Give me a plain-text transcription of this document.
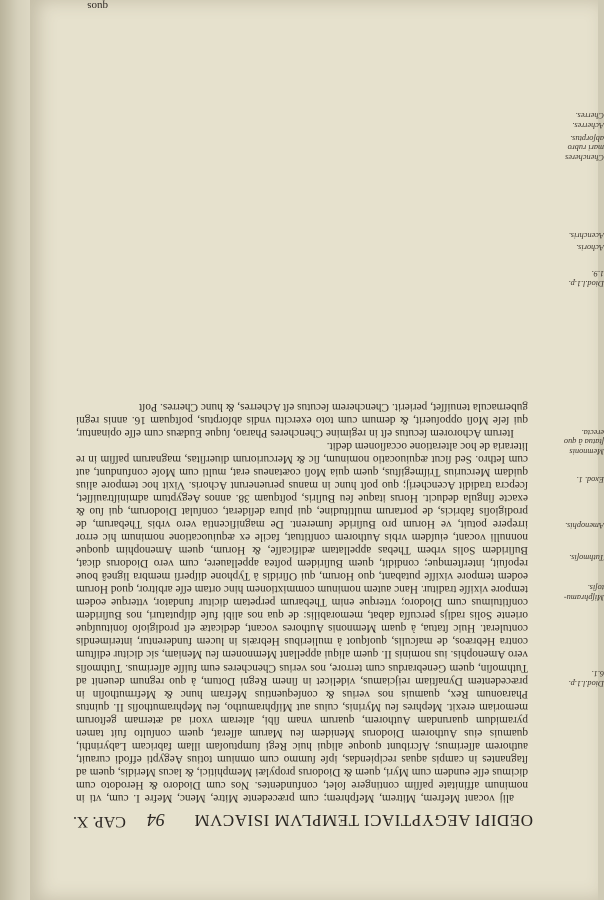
OEDIPI AEGYPTIACI TEMPLVM ISIACVM
94
CAP. X.

alij vocant Mefrem, Mitrem, Mefphrem; cum præcedente Mitre, Menc, Mefre I. cum, vti in nominum affinitate paſſim contingere ſolet, confundentes. Nos cum Diodoro & Herodoto cum dicimus eſſe eundem cum Myri, quem & Diodorus propylæi Memphitici, & lacus Meridis, quem ad ſtagnantes in campis aquas recipiendas, ipſe ſummo cum omnium totius Aegypti effodi curauit, authorem aſſerimus; Aſcribunt quoque aliqui huic Regi ſumptuoſam illam fabricam Labyrinthi, quamuis eius Authorem Diodorus Menidem ſeu Marum aſſerat, quem conſulto fuit tamen pyramidum quarundam Authorem, quarum vnam ſibi, alteram vxori ad æternam geſtorum memoriam erexit. Mephres ſeu Myrinis, cuius aut Miſphramutho, ſeu Mephramuthoſis II. quintus Pharaonum Rex, quamuis nos verius & conſequentius Mefram hunc & Mefrmuthoſin in præcedentem Dynaſtiam reijciamus, videlicet in ſinem Regni Dotum, à quo regnum deuenit ad Tuthmoſin, quem Genebrardus cum terrore, nos verius Chencheres eum fuiſſe aſſerimus. Tuthmoſis vero Amenophis. ius nominis II. quem aliqui appellant Memnonem ſeu Meniam, sic dicitur ediſtum contra Hebræos, de maſculis, quoſquot à mulieribus Hebræis in lucem funderentur, interimendis contulerat. Huic ſtatua, à quam Memnonis Authores vocant, dedicatæ eſt prodigioſo ſonituuſque oriente Solis radijs percuſſa dabat, memorabilis: de qua nos alibi fuſe diſputaturi, nos Buſiridem conſtituimus cum Diodoro; vtterque enim Thebarum perpetam dicitur fundator, vtterque eodem tempore vixiſſe traditur. Hanc autem nominum commixtionem hinc ortam eſſe arbitror, quod Horum eodem tempore vixiſſe putabant, quo Horum, qui Oſiridis à Typhone diſperſi membra ligneâ boue repoſuit, interſtemque; condidit, quem Buſiridem poſtea appellauere, cum vero Diodorus dicat, Buſiridem Solis vrbem Thebas appellatam ædificaſſe, & Horum, quem Amenophim quoque nonnulli vocant, eiuſdem vrbis Authorem conſtituat, facile ex æquiuocatione nominum hic error irrepere potuit, ve Horum pro Buſiride ſumerent. De magnificentia vero vrbis Thebarum, de prodigioſis fabricis, de portarum multitudine, qui plura deſiderat, conſulat Diodorum, qui ſuo & exacte ſingula deducit. Horus itaque ſeu Buſiris, poſtquam 38. annos Aegyptum adminiſtrauiſſet, ſcepcra tradidit Acencherij; quo poſt hunc in manus peruenerunt Achoris. Vixit hoc tempore alius quidam Mercurius Triſmegiſtus, quem quia Moſi coætaneus erat, multi cum Moſe confundunt, aut cum Iethro. Sed ſicut æquiuocatio nominum, ſic & Mercuriorum diuerſitas, magnarum paſſim in re literaria de hoc alteratione occaſionem dedit.

Iterum Achororem ſecutus eſt in regimine Chencheres Pharao, ſuque Eudæus cum eſſe opinantur, qui ſeſe Moſi oppoſuerit, & demum cum toto exercitu vndis abſorptus, poſtquam 16. annis regni gubernacula tenuiſſet, perierit. Chencherem ſecutus eſt Acherres, & hunc Cherres. Poſt

quos
Diod.l.1.p.
6.1.
Miſphramu-
toſis.
Tuthmoſis.
Amenophis.
Exod. 1.
Memnonis
ſtatua à quo
erecta.
Diod.l.1.p.
1.9.
Achoris.
Acenchris.
Chencheres
mari rubro
abſorptus.
Acherres.
Cherres.
